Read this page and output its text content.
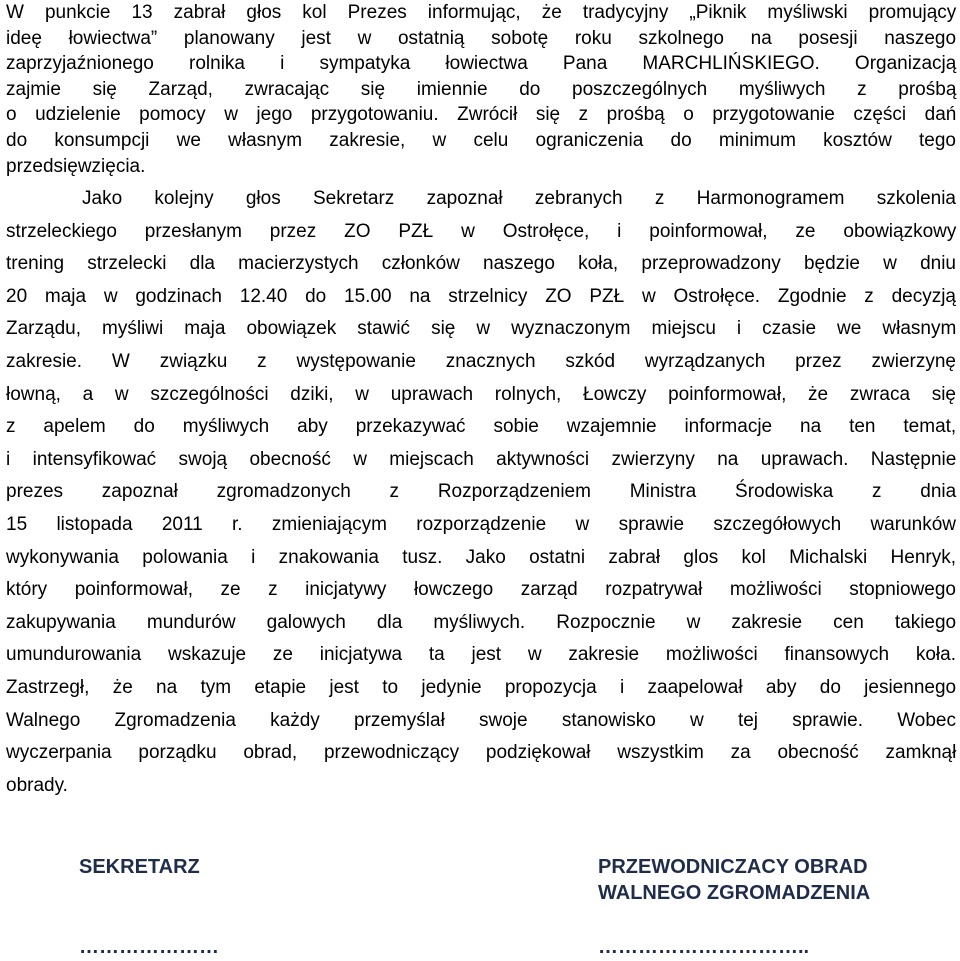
W punkcie 13 zabrał głos kol Prezes informując, że tradycyjny „Piknik myśliwski promujący
ideę łowiectwa” planowany jest w ostatnią sobotę roku szkolnego na posesji naszego
zaprzyjaźnionego rolnika i sympatyka łowiectwa Pana MARCHLIŃSKIEGO. Organizacją
zajmie się Zarząd, zwracając się imiennie do poszczególnych myśliwych z prośbą
o udzielenie pomocy w jego przygotowaniu. Zwrócił się z prośbą o przygotowanie części dań
do konsumpcji we własnym zakresie, w celu ograniczenia do minimum kosztów tego
przedsięwzięcia.
Jako kolejny głos Sekretarz zapoznał zebranych z Harmonogramem szkolenia
strzeleckiego przesłanym przez ZO PZŁ w Ostrołęce, i poinformował, ze obowiązkowy
trening strzelecki dla macierzystych członków naszego koła, przeprowadzony będzie w dniu
20 maja w godzinach 12.40 do 15.00 na strzelnicy ZO PZŁ w Ostrołęce. Zgodnie z decyzją
Zarządu, myśliwi maja obowiązek stawić się w wyznaczonym miejscu i czasie we własnym
zakresie. W związku z występowanie znacznych szkód wyrządzanych przez zwierzynę
łowną, a w szczególności dziki, w uprawach rolnych, Łowczy poinformował, że zwraca się
z apelem do myśliwych aby przekazywać sobie wzajemnie informacje na ten temat,
i intensyfikować swoją obecność w miejscach aktywności zwierzyny na uprawach. Następnie
prezes zapoznał zgromadzonych z Rozporządzeniem Ministra Środowiska z dnia
15 listopada 2011 r. zmieniającym rozporządzenie w sprawie szczegółowych warunków
wykonywania polowania i znakowania tusz. Jako ostatni zabrał glos kol Michalski Henryk,
który poinformował, ze z inicjatywy łowczego zarząd rozpatrywał możliwości stopniowego
zakupywania mundurów galowych dla myśliwych. Rozpocznie w zakresie cen takiego
umundurowania wskazuje ze inicjatywa ta jest w zakresie możliwości finansowych koła.
Zastrzegł, że na tym etapie jest to jedynie propozycja i zaapelował aby do jesiennego
Walnego Zgromadzenia każdy przemyślał swoje stanowisko w tej sprawie. Wobec
wyczerpania porządku obrad, przewodniczący podziękował wszystkim za obecność zamknął
obrady.
SEKRETARZ	PRZEWODNICZACY OBRAD
WALNEGO ZGROMADZENIA
…………………	…………………………..
